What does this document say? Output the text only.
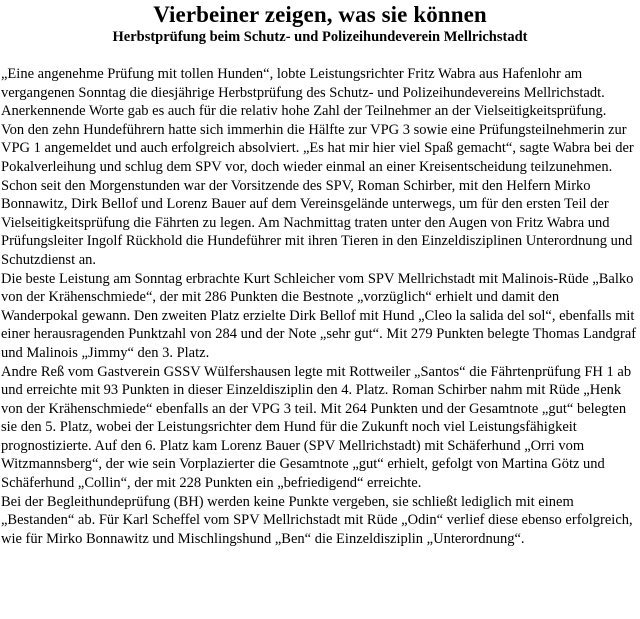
Vierbeiner zeigen, was sie können
Herbstprüfung beim Schutz- und Polizeihundeverein Mellrichstadt

„Eine angenehme Prüfung mit tollen Hunden“, lobte Leistungsrichter Fritz Wabra aus Hafenlohr am vergangenen Sonntag die diesjährige Herbstprüfung des Schutz- und Polizeihundevereins Mellrichstadt. Anerkennende Worte gab es auch für die relativ hohe Zahl der Teilnehmer an der Vielseitigkeitsprüfung.

Von den zehn Hundeführern hatte sich immerhin die Hälfte zur VPG 3 sowie eine Prüfungsteilnehmerin zur VPG 1 angemeldet und auch erfolgreich absolviert. „Es hat mir hier viel Spaß gemacht“, sagte Wabra bei der Pokalverleihung und schlug dem SPV vor, doch wieder einmal an einer Kreisentscheidung teilzunehmen.

Schon seit den Morgenstunden war der Vorsitzende des SPV, Roman Schirber, mit den Helfern Mirko Bonnawitz, Dirk Bellof und Lorenz Bauer auf dem Vereinsgelände unterwegs, um für den ersten Teil der Vielseitigkeitsprüfung die Fährten zu legen. Am Nachmittag traten unter den Augen von Fritz Wabra und Prüfungsleiter Ingolf Rückhold die Hundeführer mit ihren Tieren in den Einzeldisziplinen Unterordnung und Schutzdienst an.

Die beste Leistung am Sonntag erbrachte Kurt Schleicher vom SPV Mellrichstadt mit Malinois-Rüde „Balko von der Krähenschmiede“, der mit 286 Punkten die Bestnote „vorzüglich“ erhielt und damit den Wanderpokal gewann. Den zweiten Platz erzielte Dirk Bellof mit Hund „Cleo la salida del sol“, ebenfalls mit einer herausragenden Punktzahl von 284 und der Note „sehr gut“. Mit 279 Punkten belegte Thomas Landgraf und Malinois „Jimmy“ den 3. Platz.

Andre Reß vom Gastverein GSSV Wülfershausen legte mit Rottweiler „Santos“ die Fährtenprüfung FH 1 ab und erreichte mit 93 Punkten in dieser Einzeldisziplin den 4. Platz. Roman Schirber nahm mit Rüde „Henk von der Krähenschmiede“ ebenfalls an der VPG 3 teil. Mit 264 Punkten und der Gesamtnote „gut“ belegten sie den 5. Platz, wobei der Leistungsrichter dem Hund für die Zukunft noch viel Leistungsfähigkeit prognostizierte. Auf den 6. Platz kam Lorenz Bauer (SPV Mellrichstadt) mit Schäferhund „Orri vom Witzmannsberg“, der wie sein Vorplazierter die Gesamtnote „gut“ erhielt, gefolgt von Martina Götz und Schäferhund „Collin“, der mit 228 Punkten ein „befriedigend“ erreichte.

Bei der Begleithundeprüfung (BH) werden keine Punkte vergeben, sie schließt lediglich mit einem „Bestanden“ ab. Für Karl Scheffel vom SPV Mellrichstadt mit Rüde „Odin“ verlief diese ebenso erfolgreich, wie für Mirko Bonnawitz und Mischlingshund „Ben“ die Einzeldisziplin „Unterordnung“.
